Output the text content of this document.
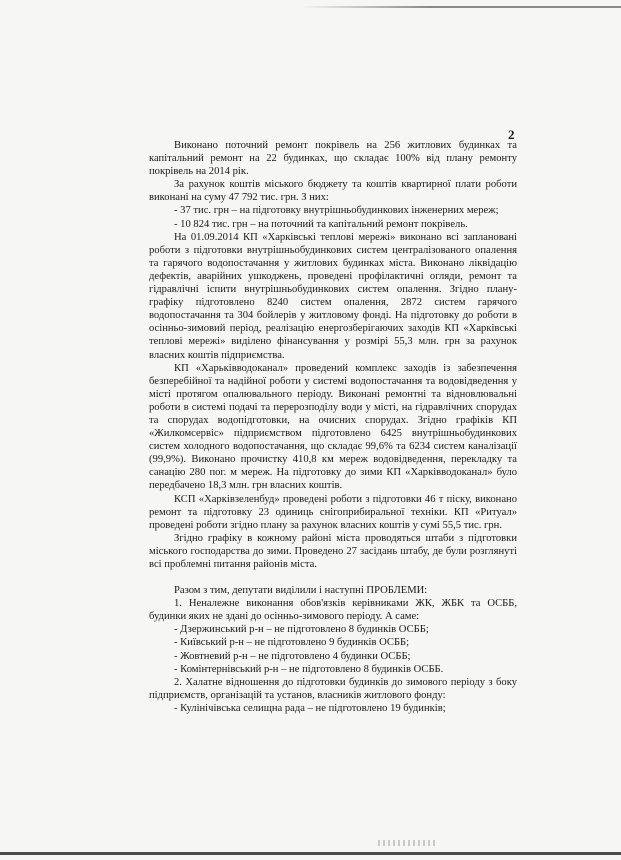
2

Виконано поточний ремонт покрівель на 256 житлових будинках та капітальний ремонт на 22 будинках, що складає 100% від плану ремонту покрівель на 2014 рік.

За рахунок коштів міського бюджету та коштів квартирної плати роботи виконані на суму 47 792 тис. грн. З них:

- 37 тис. грн – на підготовку внутрішньобудинкових інженерних мереж;

- 10 824 тис. грн – на поточний та капітальний ремонт покрівель.

На 01.09.2014 КП «Харківські теплові мережі» виконано всі заплановані роботи з підготовки внутрішньобудинкових систем централізованого опалення та гарячого водопостачання у житлових будинках міста. Виконано ліквідацію дефектів, аварійних ушкоджень, проведені профілактичні огляди, ремонт та гідравлічні іспити внутрішньобудинкових систем опалення. Згідно плану-графіку підготовлено 8240 систем опалення, 2872 систем гарячого водопостачання та 304 бойлерів у житловому фонді. На підготовку до роботи в осінньо-зимовий період, реалізацію енергозберігаючих заходів КП «Харківські теплові мережі» виділено фінансування у розмірі 55,3 млн. грн за рахунок власних коштів підприємства.

КП «Харьківводоканал» проведений комплекс заходів із забезпечення безперебійної та надійної роботи у системі водопостачання та водовідведення у місті протягом опалювального періоду. Виконані ремонтні та відновлювальні роботи в системі подачі та перерозподілу води у місті, на гідравлічних спорудах та спорудах водопідготовки, на очисних спорудах. Згідно графіків КП «Жилкомсервіс» підприємством підготовлено 6425 внутрішньобудинкових систем холодного водопостачання, що складає 99,6% та 6234 систем каналізації (99,9%). Виконано прочистку 410,8 км мереж водовідведення, перекладку та санацію 280 пог. м мереж. На підготовку до зими КП «Харківводоканал» було передбачено 18,3 млн. грн власних коштів.

КСП «Харківзеленбуд» проведені роботи з підготовки 46 т піску, виконано ремонт та підготовку 23 одиниць снігоприбиральної техніки. КП «Ритуал» проведені роботи згідно плану за рахунок власних коштів у сумі 55,5 тис. грн.

Згідно графіку в кожному районі міста проводяться штаби з підготовки міського господарства до зими. Проведено 27 засідань штабу, де були розглянуті всі проблемні питання районів міста.

Разом з тим, депутати виділили і наступні ПРОБЛЕМИ:

1. Неналежне виконання обов'язків керівниками ЖК, ЖБК та ОСББ, будинки яких не здані до осінньо-зимового періоду. А саме:

- Дзержинський р-н – не підготовлено 8 будинків ОСББ;

- Київський р-н – не підготовлено 9 будинків ОСББ;

- Жовтневий р-н – не підготовлено 4 будинки ОСББ;

- Комінтернівський р-н – не підготовлено 8 будинків ОСББ.

2. Халатне відношення до підготовки будинків до зимового періоду з боку підприємств, організацій та установ, власників житлового фонду:

- Кулінічівська селищна рада – не підготовлено 19 будинків;
